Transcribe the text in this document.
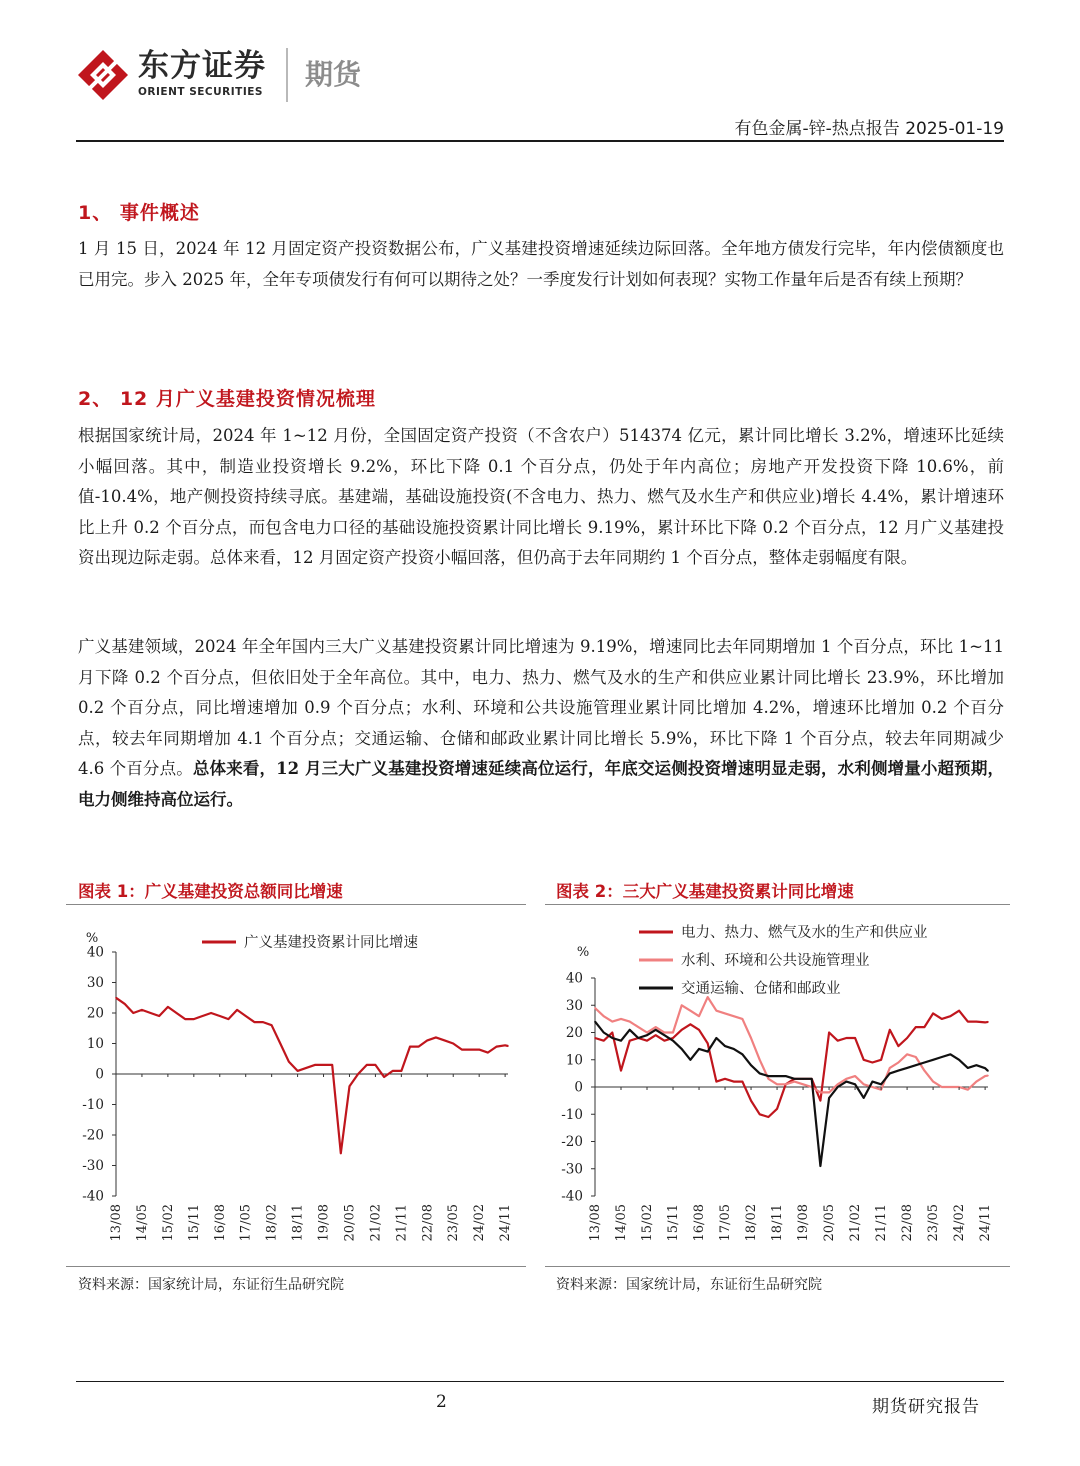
东方证券
ORIENT SECURITIES
期货
有色金属-锌-热点报告 2025-01-19
1、 事件概述
1 月 15 日，2024 年 12 月固定资产投资数据公布，广义基建投资增速延续边际回落。全年地方债发行完毕，年内偿债额度也已用完。步入 2025 年，全年专项债发行有何可以期待之处？一季度发行计划如何表现？实物工作量年后是否有续上预期？
2、 12 月广义基建投资情况梳理
根据国家统计局，2024 年 1~12 月份，全国固定资产投资（不含农户）514374 亿元，累计同比增长 3.2%，增速环比延续小幅回落。其中，制造业投资增长 9.2%，环比下降 0.1 个百分点，仍处于年内高位；房地产开发投资下降 10.6%，前值-10.4%，地产侧投资持续寻底。基建端，基础设施投资(不含电力、热力、燃气及水生产和供应业)增长 4.4%，累计增速环比上升 0.2 个百分点，而包含电力口径的基础设施投资累计同比增长 9.19%，累计环比下降 0.2 个百分点，12 月广义基建投资出现边际走弱。总体来看，12 月固定资产投资小幅回落，但仍高于去年同期约 1 个百分点，整体走弱幅度有限。
广义基建领域，2024 年全年国内三大广义基建投资累计同比增速为 9.19%，增速同比去年同期增加 1 个百分点，环比 1~11 月下降 0.2 个百分点，但依旧处于全年高位。其中，电力、热力、燃气及水的生产和供应业累计同比增长 23.9%，环比增加 0.2 个百分点，同比增速增加 0.9 个百分点；水利、环境和公共设施管理业累计同比增加 4.2%，增速环比增加 0.2 个百分点，较去年同期增加 4.1 个百分点；交通运输、仓储和邮政业累计同比增长 5.9%，环比下降 1 个百分点，较去年同期减少 4.6 个百分点。总体来看，12 月三大广义基建投资增速延续高位运行，年底交运侧投资增速明显走弱，水利侧增量小超预期，电力侧维持高位运行。
图表 1：广义基建投资总额同比增速
40
30
20
10
0
-10
-20
-30
-40
13/08 14/05 15/02 15/11 16/08 17/05 18/02 18/11 19/08 20/05 21/02 21/11 22/08 23/05 24/02 24/11
广义基建投资累计同比增速
%
资料来源：国家统计局，东证衍生品研究院
图表 2：三大广义基建投资累计同比增速
40
30
20
10
0
-10
-20
-30
-40
13/08 14/05 15/02 15/11 16/08 17/05 18/02 18/11 19/08 20/05 21/02 21/11 22/08 23/05 24/02 24/11
电力、热力、燃气及水的生产和供应业
水利、环境和公共设施管理业
交通运输、仓储和邮政业
%
资料来源：国家统计局，东证衍生品研究院
2	期货研究报告
